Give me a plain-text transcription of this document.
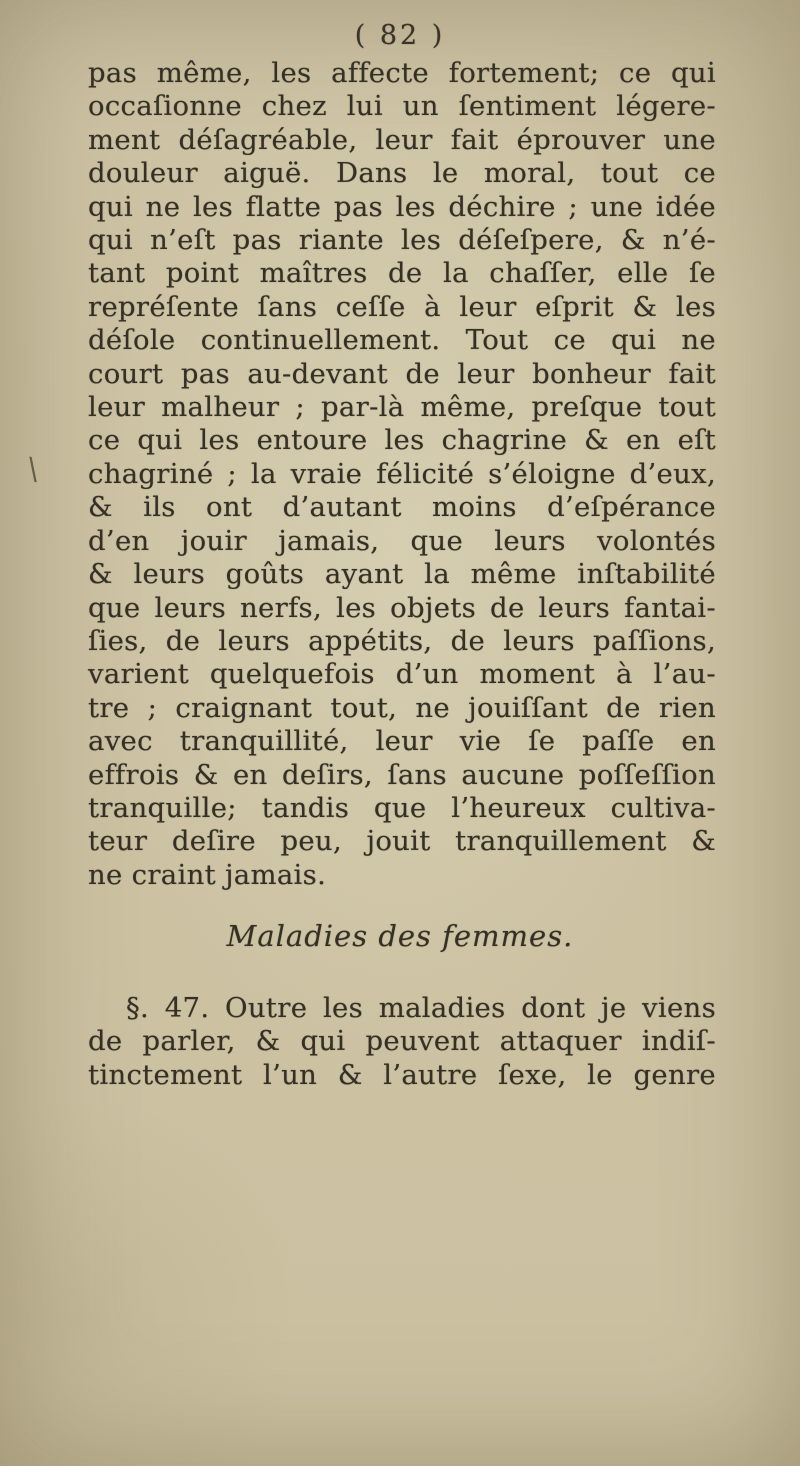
( 82 )
\
pas même, les affecte fortement; ce qui
occaſionne chez lui un ſentiment légere-
ment déſagréable, leur fait éprouver une
douleur aiguë. Dans le moral, tout ce
qui ne les flatte pas les déchire ; une idée
qui n’eſt pas riante les déſeſpere, & n’é-
tant point maîtres de la chaſſer, elle ſe
repréſente ſans ceſſe à leur eſprit & les
déſole continuellement. Tout ce qui ne
court pas au-devant de leur bonheur fait
leur malheur ; par-là même, preſque tout
ce qui les entoure les chagrine & en eſt
chagriné ; la vraie félicité s’éloigne d’eux,
& ils ont d’autant moins d’eſpérance
d’en jouir jamais, que leurs volontés
& leurs goûts ayant la même inſtabilité
que leurs nerfs, les objets de leurs fantai-
ſies, de leurs appétits, de leurs paſſions,
varient quelquefois d’un moment à l’au-
tre ; craignant tout, ne jouiſſant de rien
avec tranquillité, leur vie ſe paſſe en
effrois & en deſirs, ſans aucune poſſeſſion
tranquille; tandis que l’heureux cultiva-
teur deſire peu, jouit tranquillement &
ne craint jamais.
Maladies des femmes.
§. 47. Outre les maladies dont je viens
de parler, & qui peuvent attaquer indiſ-
tinctement l’un & l’autre ſexe, le genre
